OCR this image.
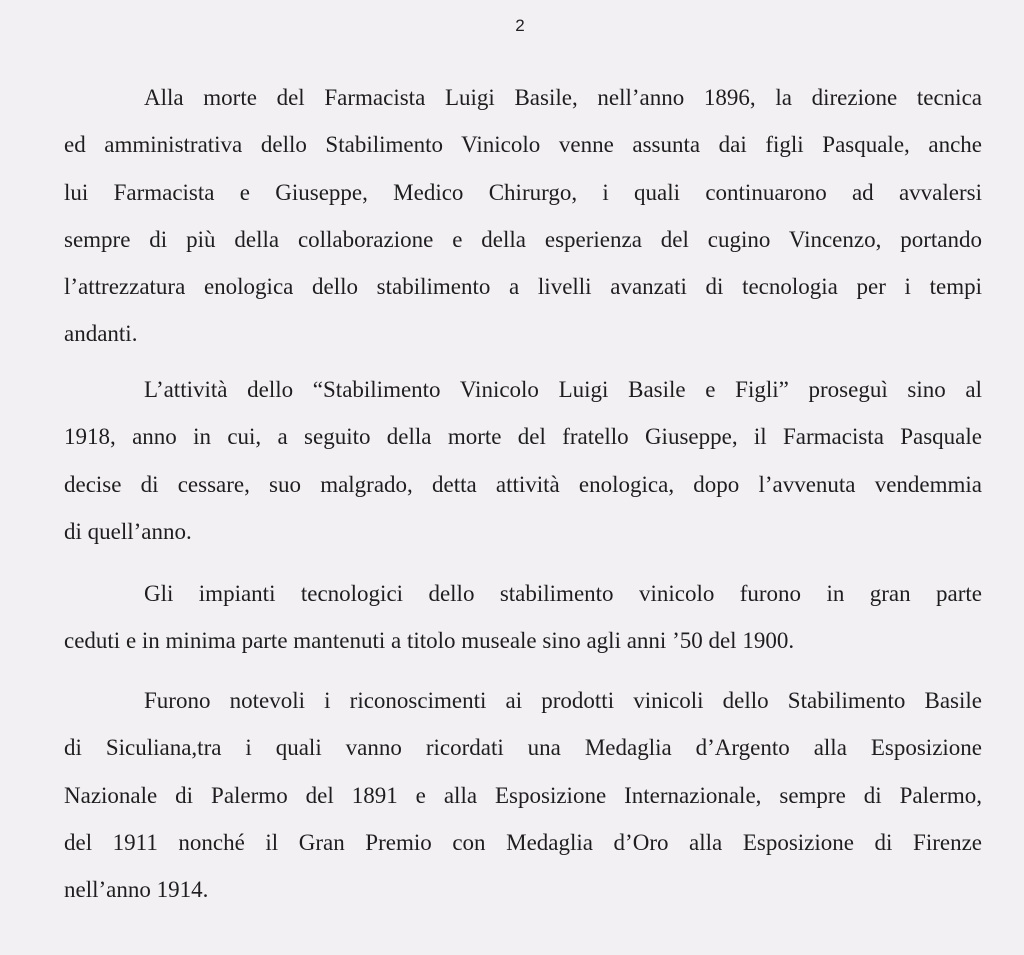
2
Alla morte del Farmacista Luigi Basile, nell’anno 1896, la direzione tecnica
ed amministrativa dello Stabilimento Vinicolo venne assunta dai figli Pasquale, anche
lui Farmacista e Giuseppe, Medico Chirurgo, i quali continuarono ad avvalersi
sempre di più della collaborazione e della esperienza del cugino Vincenzo, portando
l’attrezzatura enologica dello stabilimento a livelli avanzati di tecnologia per i tempi
andanti.
L’attività dello “Stabilimento Vinicolo Luigi Basile e Figli” proseguì sino al
1918, anno in cui, a seguito della morte del fratello Giuseppe, il Farmacista Pasquale
decise di cessare, suo malgrado, detta attività enologica, dopo l’avvenuta vendemmia
di quell’anno.
Gli impianti tecnologici dello stabilimento vinicolo furono in gran parte
ceduti e in minima parte mantenuti a titolo museale sino agli anni ’50 del 1900.
Furono notevoli i riconoscimenti ai prodotti vinicoli dello Stabilimento Basile
di Siculiana,tra i quali vanno ricordati una Medaglia d’Argento alla Esposizione
Nazionale di Palermo del 1891 e alla Esposizione Internazionale, sempre di Palermo,
del 1911 nonché il Gran Premio con Medaglia d’Oro alla Esposizione di Firenze
nell’anno 1914.
